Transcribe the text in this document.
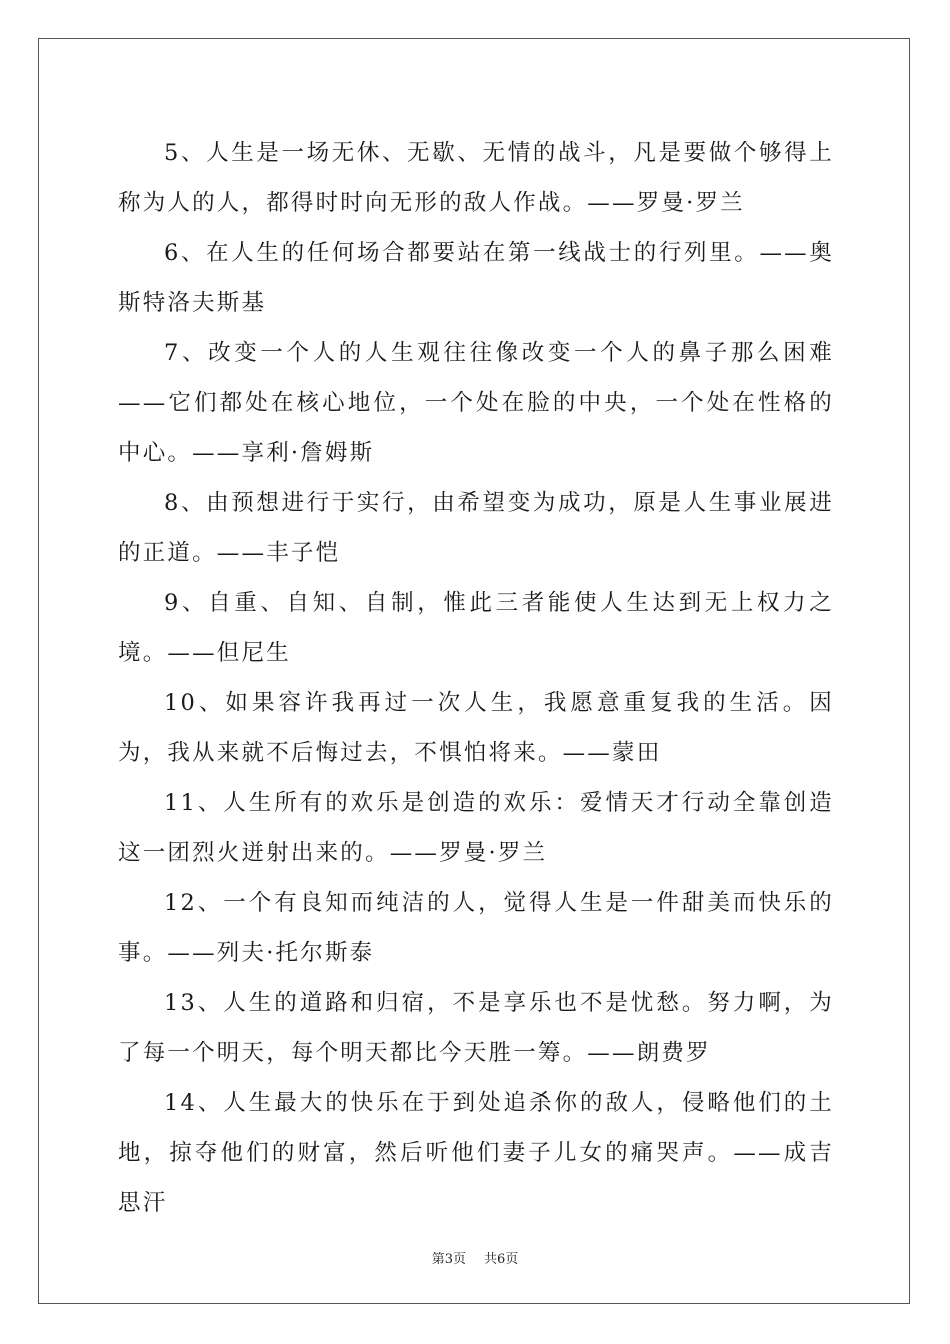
5、人生是一场无休、无歇、无情的战斗，凡是要做个够得上称为人的人，都得时时向无形的敌人作战。——罗曼·罗兰

6、在人生的任何场合都要站在第一线战士的行列里。——奥斯特洛夫斯基

7、改变一个人的人生观往往像改变一个人的鼻子那么困难——它们都处在核心地位，一个处在脸的中央，一个处在性格的中心。——享利·詹姆斯

8、由预想进行于实行，由希望变为成功，原是人生事业展进的正道。——丰子恺

9、自重、自知、自制，惟此三者能使人生达到无上权力之境。——但尼生

10、如果容许我再过一次人生，我愿意重复我的生活。因为，我从来就不后悔过去，不惧怕将来。——蒙田

11、人生所有的欢乐是创造的欢乐：爱情天才行动全靠创造这一团烈火迸射出来的。——罗曼·罗兰

12、一个有良知而纯洁的人，觉得人生是一件甜美而快乐的事。——列夫·托尔斯泰

13、人生的道路和归宿，不是享乐也不是忧愁。努力啊，为了每一个明天，每个明天都比今天胜一筹。——朗费罗

14、人生最大的快乐在于到处追杀你的敌人，侵略他们的土地，掠夺他们的财富，然后听他们妻子儿女的痛哭声。——成吉思汗

第3页 共6页
